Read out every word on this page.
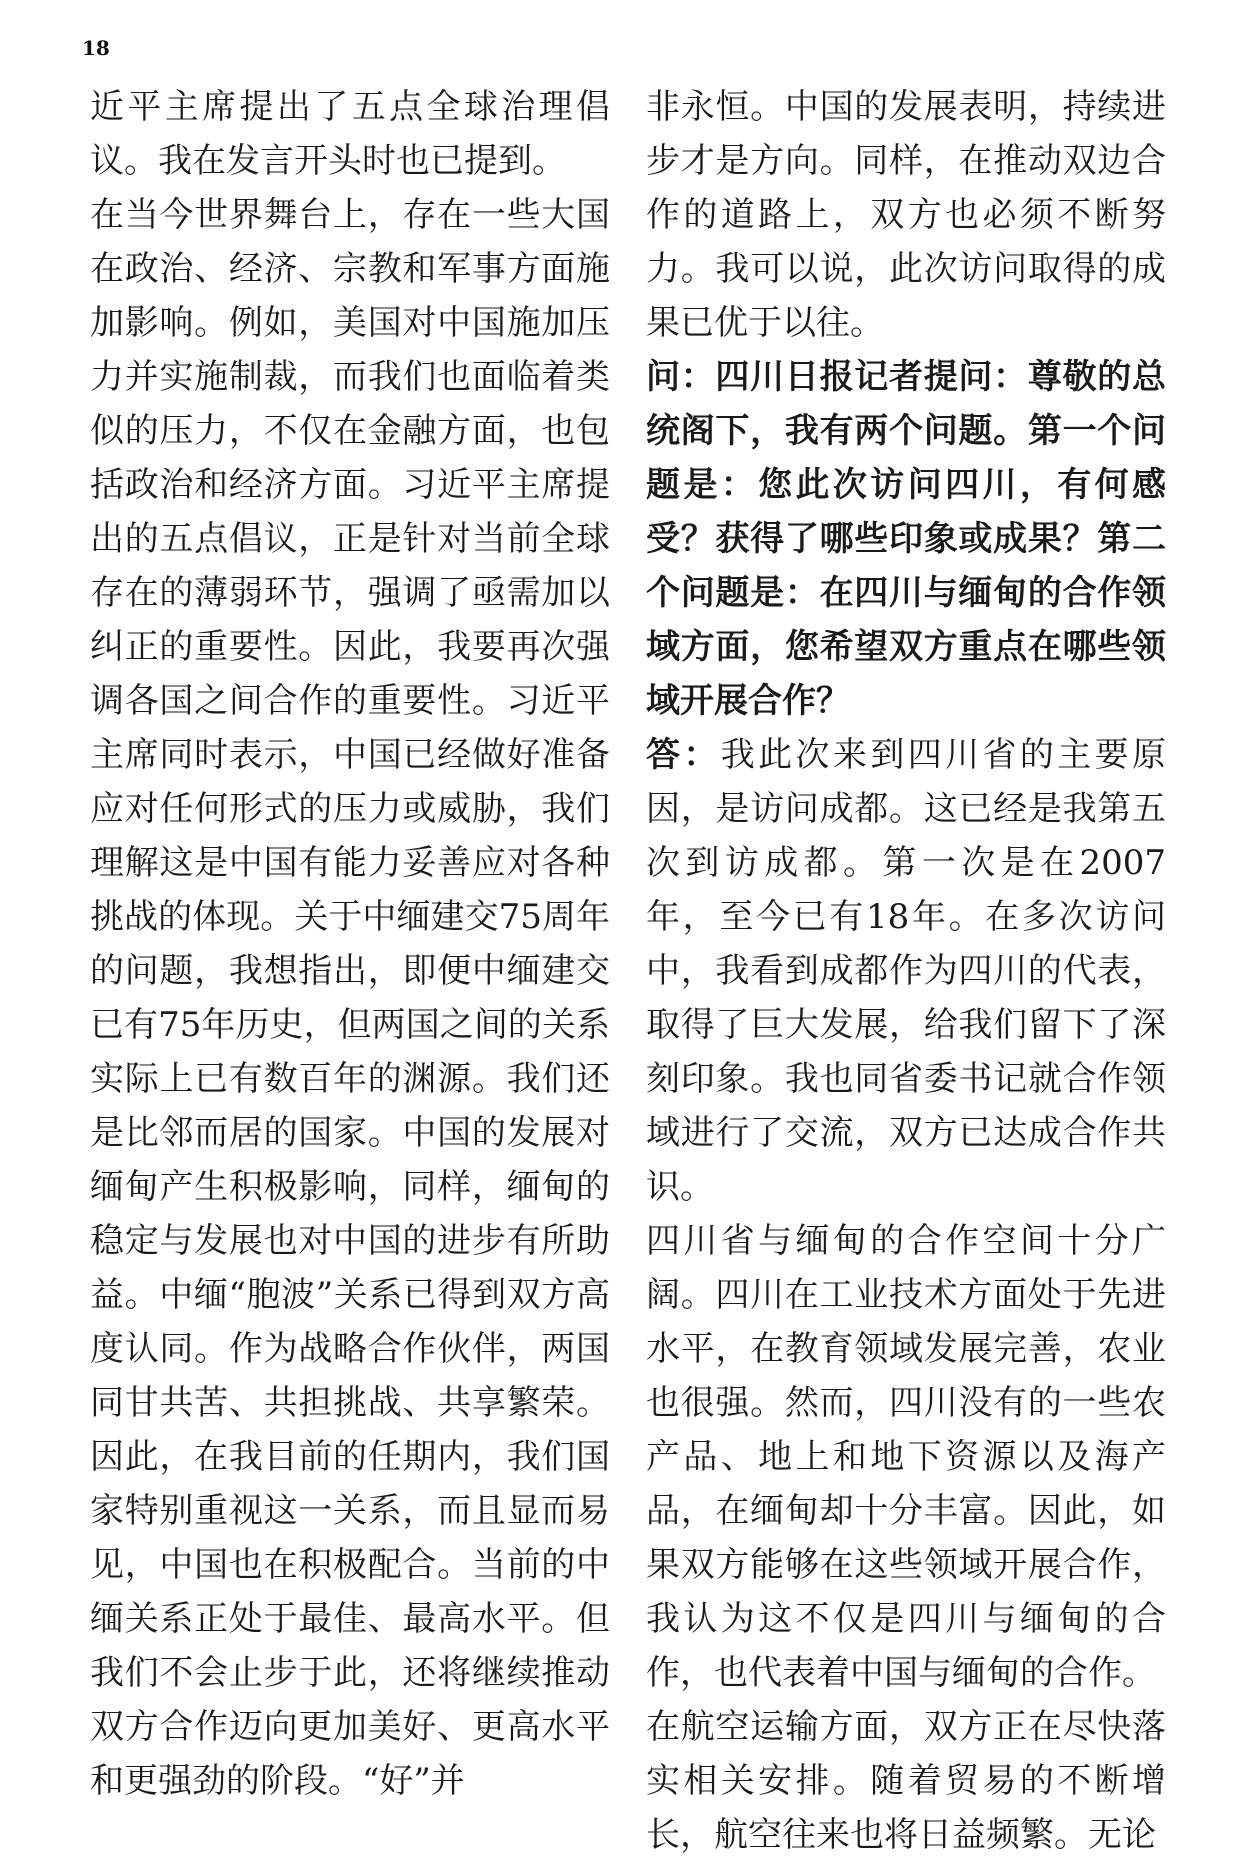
18

近平主席提出了五点全球治理倡议。我在发言开头时也已提到。

在当今世界舞台上，存在一些大国在政治、经济、宗教和军事方面施加影响。例如，美国对中国施加压力并实施制裁，而我们也面临着类似的压力，不仅在金融方面，也包括政治和经济方面。习近平主席提出的五点倡议，正是针对当前全球存在的薄弱环节，强调了亟需加以纠正的重要性。因此，我要再次强调各国之间合作的重要性。习近平主席同时表示，中国已经做好准备应对任何形式的压力或威胁，我们理解这是中国有能力妥善应对各种挑战的体现。关于中缅建交75周年的问题，我想指出，即便中缅建交已有75年历史，但两国之间的关系实际上已有数百年的渊源。我们还是比邻而居的国家。中国的发展对缅甸产生积极影响，同样，缅甸的稳定与发展也对中国的进步有所助益。中缅“胞波”关系已得到双方高度认同。作为战略合作伙伴，两国同甘共苦、共担挑战、共享繁荣。因此，在我目前的任期内，我们国家特别重视这一关系，而且显而易见，中国也在积极配合。当前的中缅关系正处于最佳、最高水平。但我们不会止步于此，还将继续推动双方合作迈向更加美好、更高水平和更强劲的阶段。“好”并

非永恒。中国的发展表明，持续进步才是方向。同样，在推动双边合作的道路上，双方也必须不断努力。我可以说，此次访问取得的成果已优于以往。

问：四川日报记者提问：尊敬的总统阁下，我有两个问题。第一个问题是：您此次访问四川，有何感受？获得了哪些印象或成果？第二个问题是：在四川与缅甸的合作领域方面，您希望双方重点在哪些领域开展合作？

答：我此次来到四川省的主要原因，是访问成都。这已经是我第五次到访成都。第一次是在2007年，至今已有18年。在多次访问中，我看到成都作为四川的代表，取得了巨大发展，给我们留下了深刻印象。我也同省委书记就合作领域进行了交流，双方已达成合作共识。

四川省与缅甸的合作空间十分广阔。四川在工业技术方面处于先进水平，在教育领域发展完善，农业也很强。然而，四川没有的一些农产品、地上和地下资源以及海产品，在缅甸却十分丰富。因此，如果双方能够在这些领域开展合作，我认为这不仅是四川与缅甸的合作，也代表着中国与缅甸的合作。

在航空运输方面，双方正在尽快落实相关安排。随着贸易的不断增长，航空往来也将日益频繁。无论
